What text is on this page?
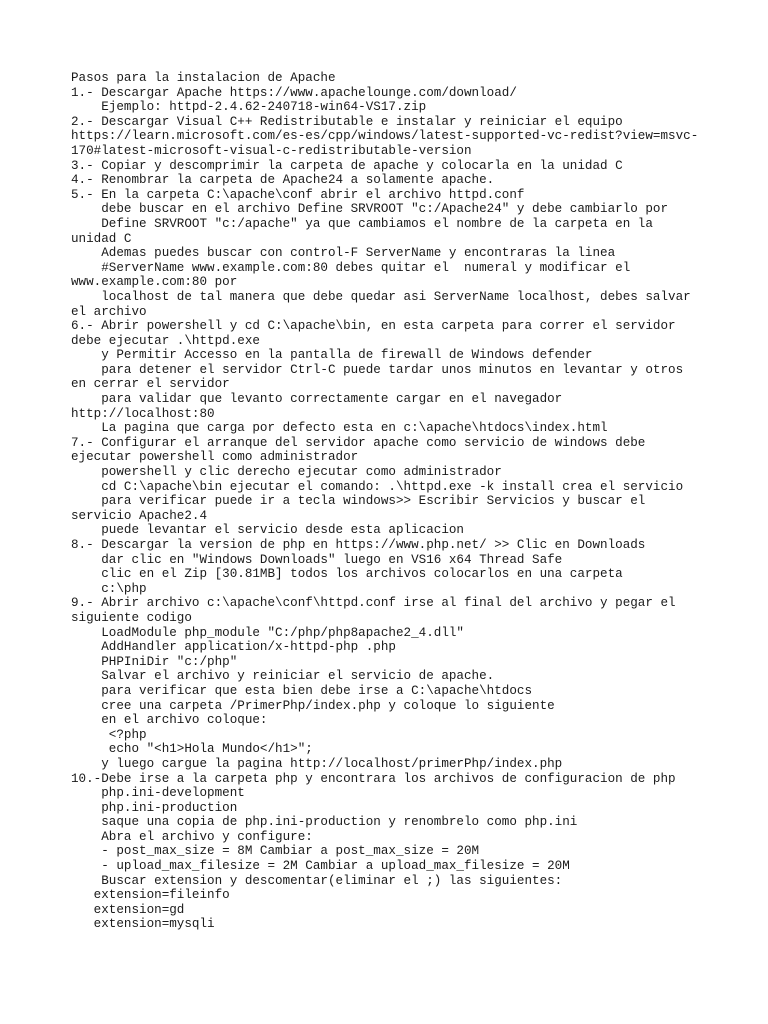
Pasos para la instalacion de Apache
1.- Descargar Apache https://www.apachelounge.com/download/
Ejemplo: httpd-2.4.62-240718-win64-VS17.zip
2.- Descargar Visual C++ Redistributable e instalar y reiniciar el equipo
https://learn.microsoft.com/es-es/cpp/windows/latest-supported-vc-redist?view=msvc-
170#latest-microsoft-visual-c-redistributable-version
3.- Copiar y descomprimir la carpeta de apache y colocarla en la unidad C
4.- Renombrar la carpeta de Apache24 a solamente apache.
5.- En la carpeta C:\apache\conf abrir el archivo httpd.conf
debe buscar en el archivo Define SRVROOT "c:/Apache24" y debe cambiarlo por
Define SRVROOT "c:/apache" ya que cambiamos el nombre de la carpeta en la
unidad C
Ademas puedes buscar con control-F ServerName y encontraras la linea
#ServerName www.example.com:80 debes quitar el  numeral y modificar el
www.example.com:80 por
localhost de tal manera que debe quedar asi ServerName localhost, debes salvar
el archivo
6.- Abrir powershell y cd C:\apache\bin, en esta carpeta para correr el servidor
debe ejecutar .\httpd.exe
y Permitir Accesso en la pantalla de firewall de Windows defender
para detener el servidor Ctrl-C puede tardar unos minutos en levantar y otros
en cerrar el servidor
para validar que levanto correctamente cargar en el navegador
http://localhost:80
La pagina que carga por defecto esta en c:\apache\htdocs\index.html
7.- Configurar el arranque del servidor apache como servicio de windows debe
ejecutar powershell como administrador
powershell y clic derecho ejecutar como administrador
cd C:\apache\bin ejecutar el comando: .\httpd.exe -k install crea el servicio
para verificar puede ir a tecla windows>> Escribir Servicios y buscar el
servicio Apache2.4
puede levantar el servicio desde esta aplicacion
8.- Descargar la version de php en https://www.php.net/ >> Clic en Downloads
dar clic en "Windows Downloads" luego en VS16 x64 Thread Safe
clic en el Zip [30.81MB] todos los archivos colocarlos en una carpeta
c:\php
9.- Abrir archivo c:\apache\conf\httpd.conf irse al final del archivo y pegar el
siguiente codigo
LoadModule php_module "C:/php/php8apache2_4.dll"
AddHandler application/x-httpd-php .php
PHPIniDir "c:/php"
Salvar el archivo y reiniciar el servicio de apache.
para verificar que esta bien debe irse a C:\apache\htdocs
cree una carpeta /PrimerPhp/index.php y coloque lo siguiente
en el archivo coloque:
<?php
echo "<h1>Hola Mundo</h1>";
y luego cargue la pagina http://localhost/primerPhp/index.php
10.-Debe irse a la carpeta php y encontrara los archivos de configuracion de php
php.ini-development
php.ini-production
saque una copia de php.ini-production y renombrelo como php.ini
Abra el archivo y configure:
- post_max_size = 8M Cambiar a post_max_size = 20M
- upload_max_filesize = 2M Cambiar a upload_max_filesize = 20M
Buscar extension y descomentar(eliminar el ;) las siguientes:
extension=fileinfo
extension=gd
extension=mysqli
